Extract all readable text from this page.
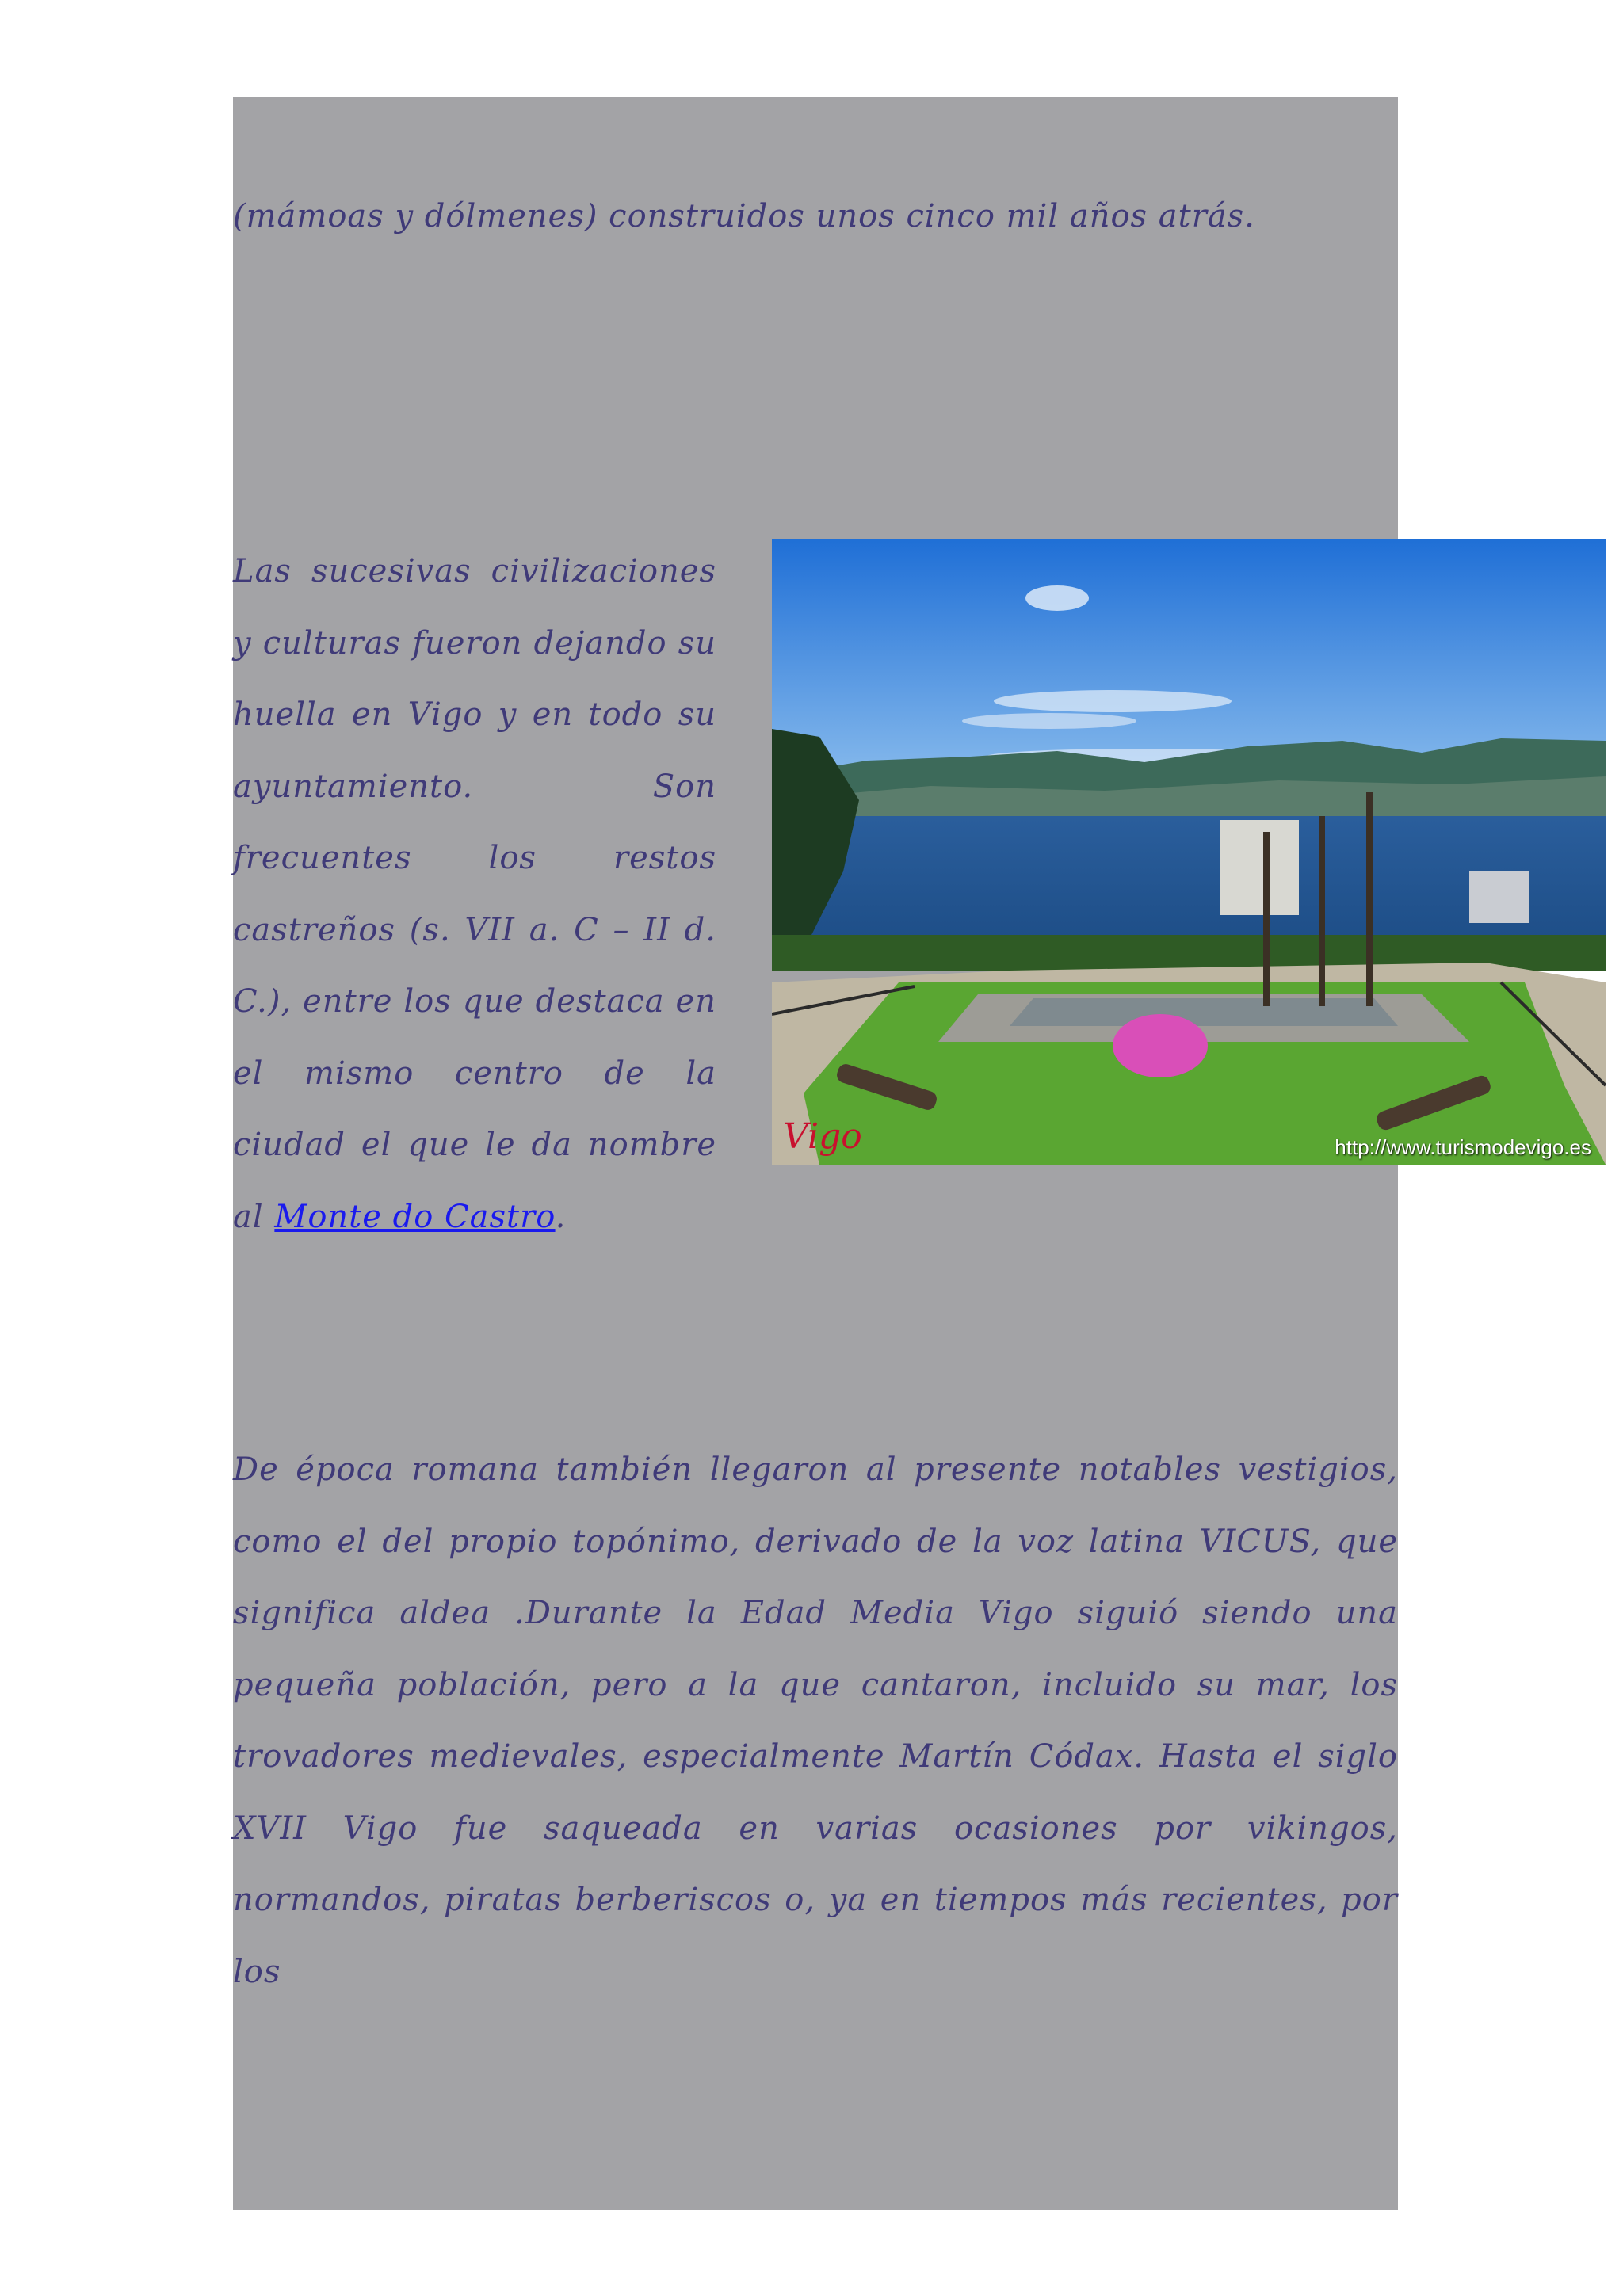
(mámoas y dólmenes) construidos unos cinco mil años atrás.

Las sucesivas civilizaciones y culturas fueron dejando su huella en Vigo y en todo su ayuntamiento. Son frecuentes los restos castreños (s. VII a. C – II d. C.), entre los que destaca en el mismo centro de la ciudad el que le da nombre al Monte do Castro.

Vigo	http://www.turismodevigo.es

De época romana también llegaron al presente notables vestigios, como el del propio topónimo, derivado de la voz latina VICUS, que significa aldea .Durante la Edad Media Vigo siguió siendo una pequeña población, pero a la que cantaron, incluido su mar, los trovadores medievales, especialmente Martín Códax. Hasta el siglo XVII Vigo fue saqueada en varias ocasiones por vikingos, normandos, piratas berberiscos o, ya en tiempos más recientes, por los
